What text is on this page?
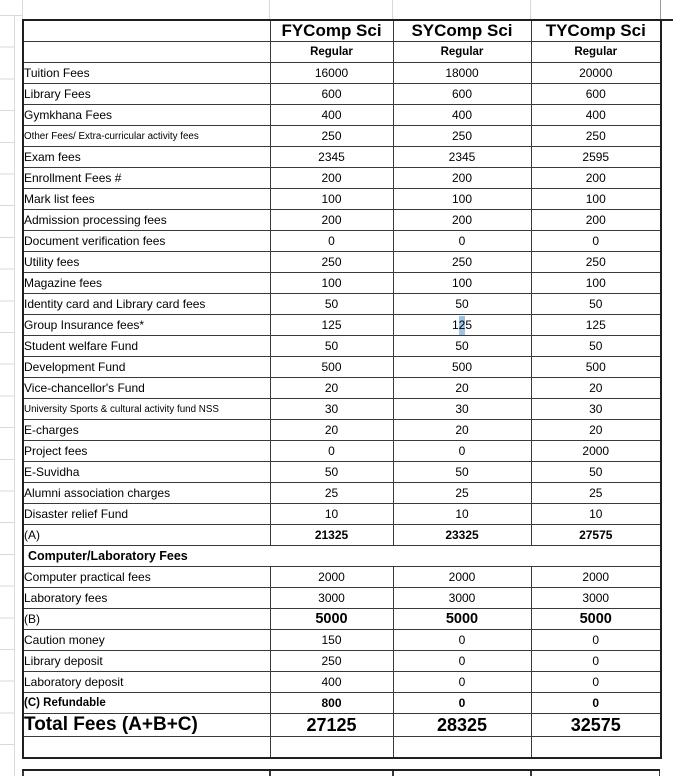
	FYComp Sci	SYComp Sci	TYComp Sci
	Regular	Regular	Regular
Tuition Fees	16000	18000	20000
Library Fees	600	600	600
Gymkhana Fees	400	400	400
Other Fees/ Extra-curricular activity fees	250	250	250
Exam fees	2345	2345	2595
Enrollment Fees #	200	200	200
Mark list fees	100	100	100
Admission processing fees	200	200	200
Document verification fees	0	0	0
Utility fees	250	250	250
Magazine fees	100	100	100
Identity card and Library card fees	50	50	50
Group Insurance fees*	125	125	125
Student welfare Fund	50	50	50
Development Fund	500	500	500
Vice-chancellor's Fund	20	20	20
University Sports & cultural activity fund NSS	30	30	30
E-charges	20	20	20
Project fees	0	0	2000
E-Suvidha	50	50	50
Alumni association charges	25	25	25
Disaster relief Fund	10	10	10
(A)	21325	23325	27575
Computer/Laboratory Fees			
Computer practical fees	2000	2000	2000
Laboratory fees	3000	3000	3000
(B)	5000	5000	5000
Caution money	150	0	0
Library deposit	250	0	0
Laboratory deposit	400	0	0
(C) Refundable	800	0	0
Total Fees (A+B+C)	27125	28325	32575
